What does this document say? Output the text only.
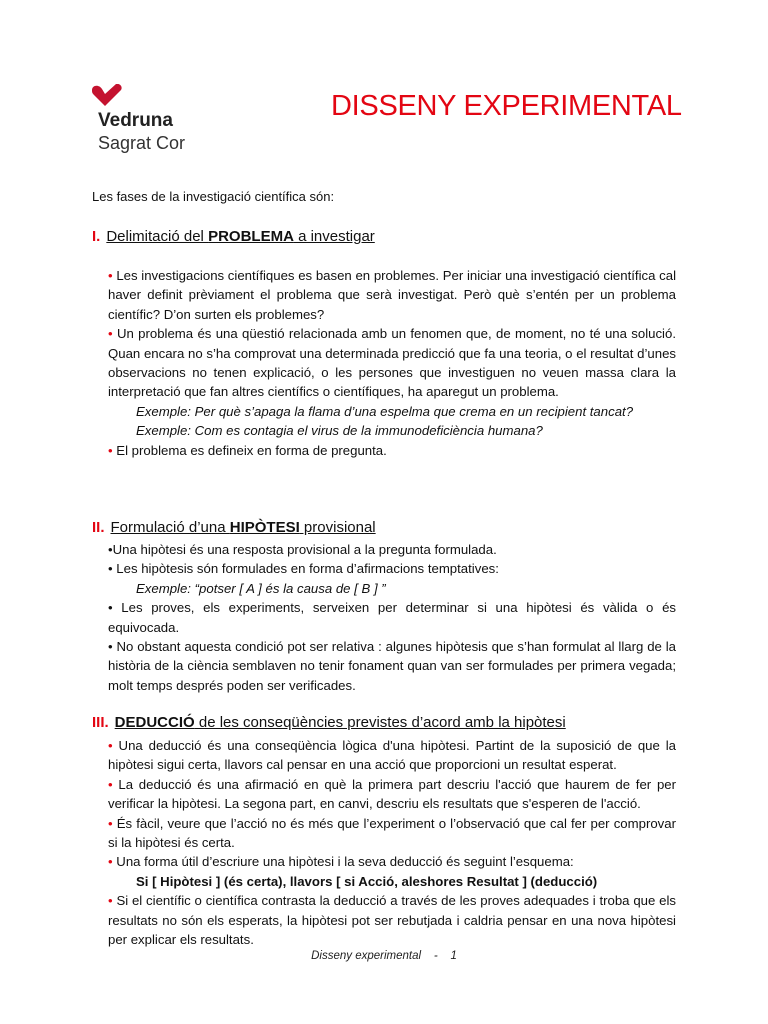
Vedruna
Sagrat Cor
DISSENY EXPERIMENTAL
Les fases de la investigació científica són:
I. Delimitació del PROBLEMA a investigar
• Les investigacions científiques es basen en problemes. Per iniciar una investigació científica cal haver definit prèviament el problema que serà investigat. Però què s’entén per un problema científic? D’on surten els problemes?
• Un problema és una qüestió relacionada amb un fenomen que, de moment, no té una solució. Quan encara no s’ha comprovat una determinada predicció que fa una teoria, o el resultat d’unes observacions no tenen explicació, o les persones que investiguen no veuen massa clara la interpretació que fan altres científics o científiques, ha aparegut un problema.
Exemple: Per què s’apaga la flama d’una espelma que crema en un recipient tancat?
Exemple: Com es contagia el virus de la immunodeficiència humana?
• El problema es defineix en forma de pregunta.
II. Formulació d’una HIPÒTESI provisional
•Una hipòtesi és una resposta provisional a la pregunta formulada.
• Les hipòtesis són formulades en forma d’afirmacions temptatives:
Exemple: “potser [ A ] és la causa de [ B ] ”
• Les proves, els experiments, serveixen per determinar si una hipòtesi és vàlida o és equivocada.
• No obstant aquesta condició pot ser relativa : algunes hipòtesis que s’han formulat al llarg de la història de la ciència semblaven no tenir fonament quan van ser formulades per primera vegada; molt temps després poden ser verificades.
III. DEDUCCIÓ de les conseqüències previstes d’acord amb la hipòtesi
• Una deducció és una conseqüència lògica d'una hipòtesi. Partint de la suposició de que la hipòtesi sigui certa, llavors cal pensar en una acció que proporcioni un resultat esperat.
• La deducció és una afirmació en què la primera part descriu l'acció que haurem de fer per verificar la hipòtesi. La segona part, en canvi, descriu els resultats que s'esperen de l'acció.
• És fàcil, veure que l’acció no és més que l’experiment o l’observació que cal fer per comprovar si la hipòtesi és certa.
• Una forma útil d’escriure una hipòtesi i la seva deducció és seguint l’esquema:
Si [ Hipòtesi ] (és certa), llavors [ si Acció, aleshores Resultat ] (deducció)
• Si el científic o científica contrasta la deducció a través de les proves adequades i troba que els resultats no són els esperats, la hipòtesi pot ser rebutjada i caldria pensar en una nova hipòtesi per explicar els resultats.
Disseny experimental - 1
